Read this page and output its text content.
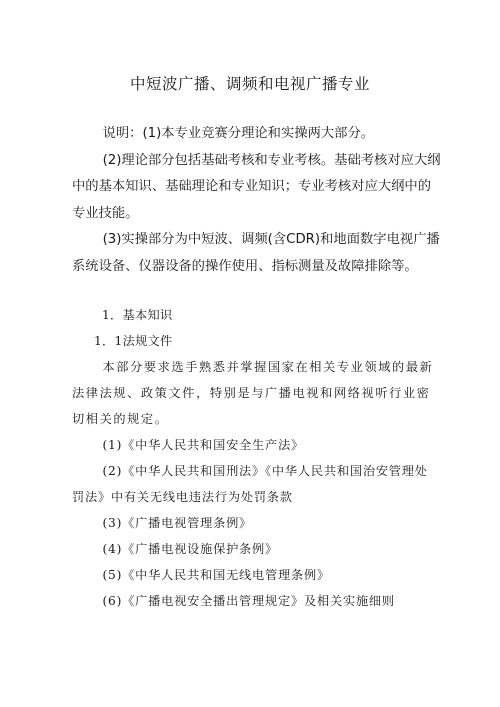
中短波广播、调频和电视广播专业

说明：(1)本专业竞赛分理论和实操两大部分。

(2)理论部分包括基础考核和专业考核。基础考核对应大纲中的基本知识、基础理论和专业知识；专业考核对应大纲中的专业技能。

(3)实操部分为中短波、调频(含CDR)和地面数字电视广播系统设备、仪器设备的操作使用、指标测量及故障排除等。

1．基本知识

1．1法规文件

本部分要求选手熟悉并掌握国家在相关专业领域的最新法律法规、政策文件，特别是与广播电视和网络视听行业密切相关的规定。

(1)《中华人民共和国安全生产法》

(2)《中华人民共和国刑法》《中华人民共和国治安管理处罚法》中有关无线电违法行为处罚条款

(3)《广播电视管理条例》

(4)《广播电视设施保护条例》

(5)《中华人民共和国无线电管理条例》

(6)《广播电视安全播出管理规定》及相关实施细则
